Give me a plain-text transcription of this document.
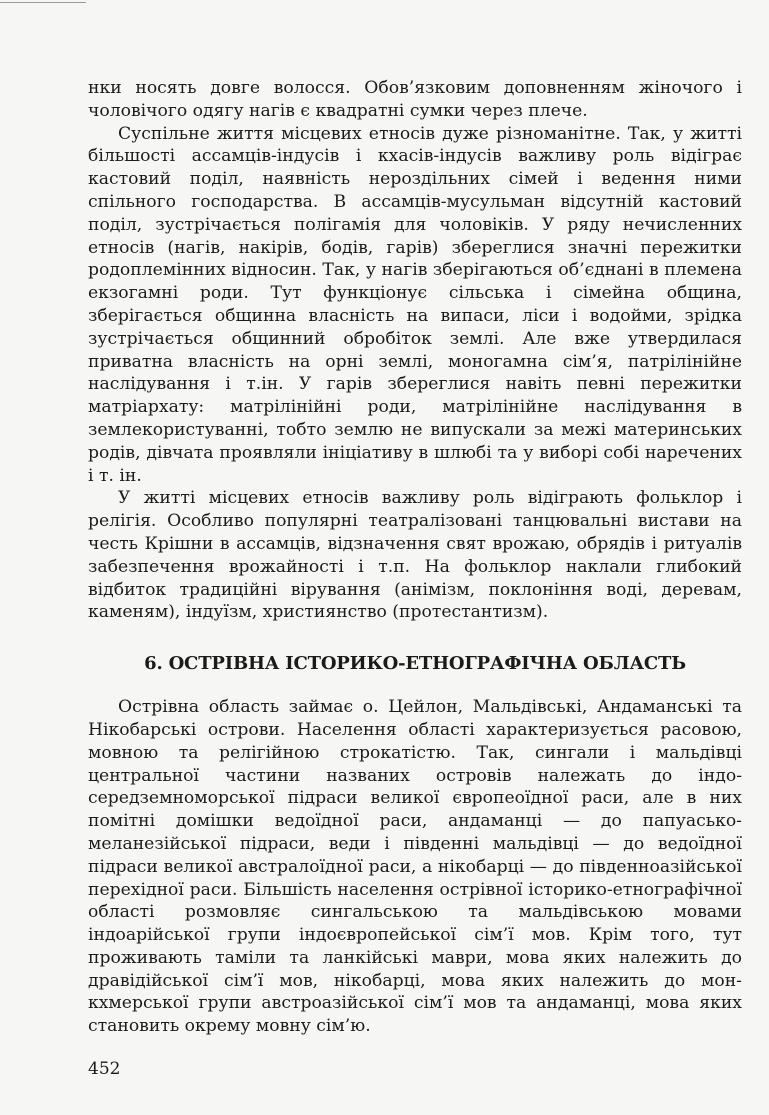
нки носять довге волосся. Обов’язковим доповненням жіночого і чоловічого одягу нагів є квадратні сумки через плече.

Суспільне життя місцевих етносів дуже різноманітне. Так, у житті більшості ассамців-індусів і кхасів-індусів важливу роль відіграє кастовий поділ, наявність нероздільних сімей і ведення ними спільного господарства. В ассамців-мусульман відсутній кастовий поділ, зустрічається полігамія для чоловіків. У ряду нечисленних етносів (нагів, накірів, бодів, гарів) збереглися значні пережитки родоплемінних відносин. Так, у нагів зберігаються об’єднані в племена екзогамні роди. Тут функціонує сільська і сімейна община, зберігається общинна власність на випаси, ліси і водойми, зрідка зустрічається общинний обробіток землі. Але вже утвердилася приватна власність на орні землі, моногамна сім’я, патрілінійне наслідування і т.ін. У гарів збереглися навіть певні пережитки матріархату: матрілінійні роди, матрілінійне наслідування в землекористуванні, тобто землю не випускали за межі материнських родів, дівчата проявляли ініціативу в шлюбі та у виборі собі наречених і т. ін.

У житті місцевих етносів важливу роль відіграють фольклор і релігія. Особливо популярні театралізовані танцювальні вистави на честь Крішни в ассамців, відзначення свят врожаю, обрядів і ритуалів забезпечення врожайності і т.п. На фольклор наклали глибокий відбиток традиційні вірування (анімізм, поклоніння воді, деревам, каменям), індуїзм, християнство (протестантизм).

6. ОСТРІВНА ІСТОРИКО-ЕТНОГРАФІЧНА ОБЛАСТЬ

Острівна область займає о. Цейлон, Мальдівські, Андаманські та Нікобарські острови. Населення області характеризується расовою, мовною та релігійною строкатістю. Так, сингали і мальдівці центральної частини названих островів належать до індо-середземноморської підраси великої європеоїдної раси, але в них помітні домішки ведоїдної раси, андаманці — до папуасько-меланезійської підраси, веди і південні мальдівці — до ведоїдної підраси великої австралоїдної раси, а нікобарці — до південноазійської перехідної раси. Більшість населення острівної історико-етнографічної області розмовляє сингальською та мальдівською мовами індоарійської групи індоєвропейської сім’ї мов. Крім того, тут проживають таміли та ланкійські маври, мова яких належить до дравідійської сім’ї мов, нікобарці, мова яких належить до мон-кхмерської групи австроазійської сім’ї мов та андаманці, мова яких становить окрему мовну сім’ю.

452
